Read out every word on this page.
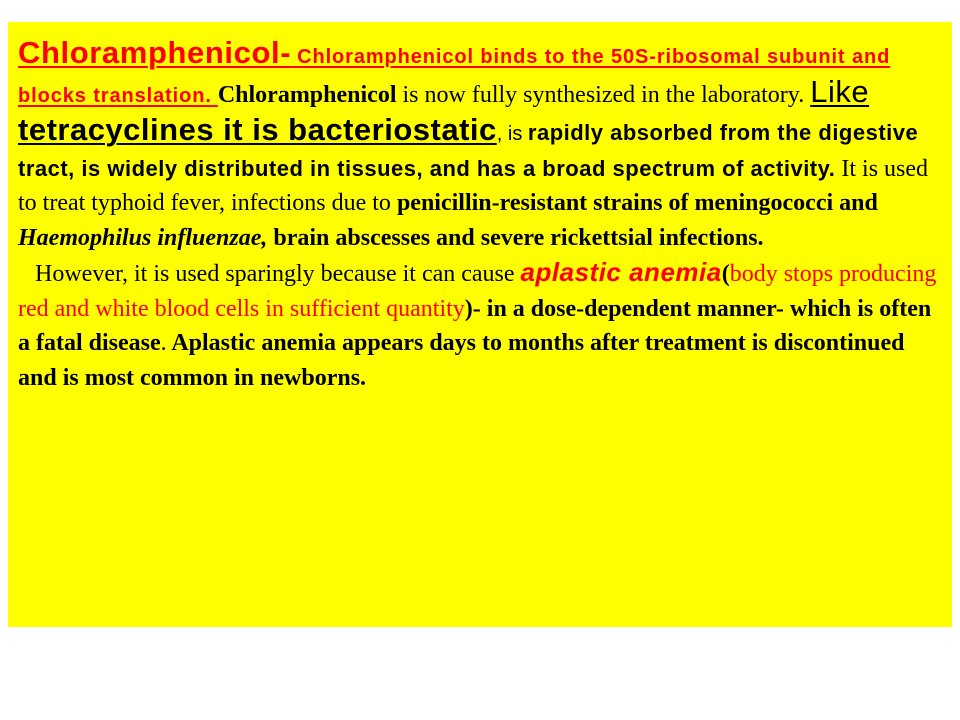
Chloramphenicol- Chloramphenicol binds to the 50S-ribosomal subunit and blocks translation. Chloramphenicol is now fully synthesized in the laboratory. Like tetracyclines it is bacteriostatic, is rapidly absorbed from the digestive tract, is widely distributed in tissues, and has a broad spectrum of activity. It is used to treat typhoid fever, infections due to penicillin-resistant strains of meningococci and Haemophilus influenzae, brain abscesses and severe rickettsial infections.

However, it is used sparingly because it can cause aplastic anemia(body stops producing red and white blood cells in sufficient quantity)- in a dose-dependent manner- which is often a fatal disease. Aplastic anemia appears days to months after treatment is discontinued and is most common in newborns.
